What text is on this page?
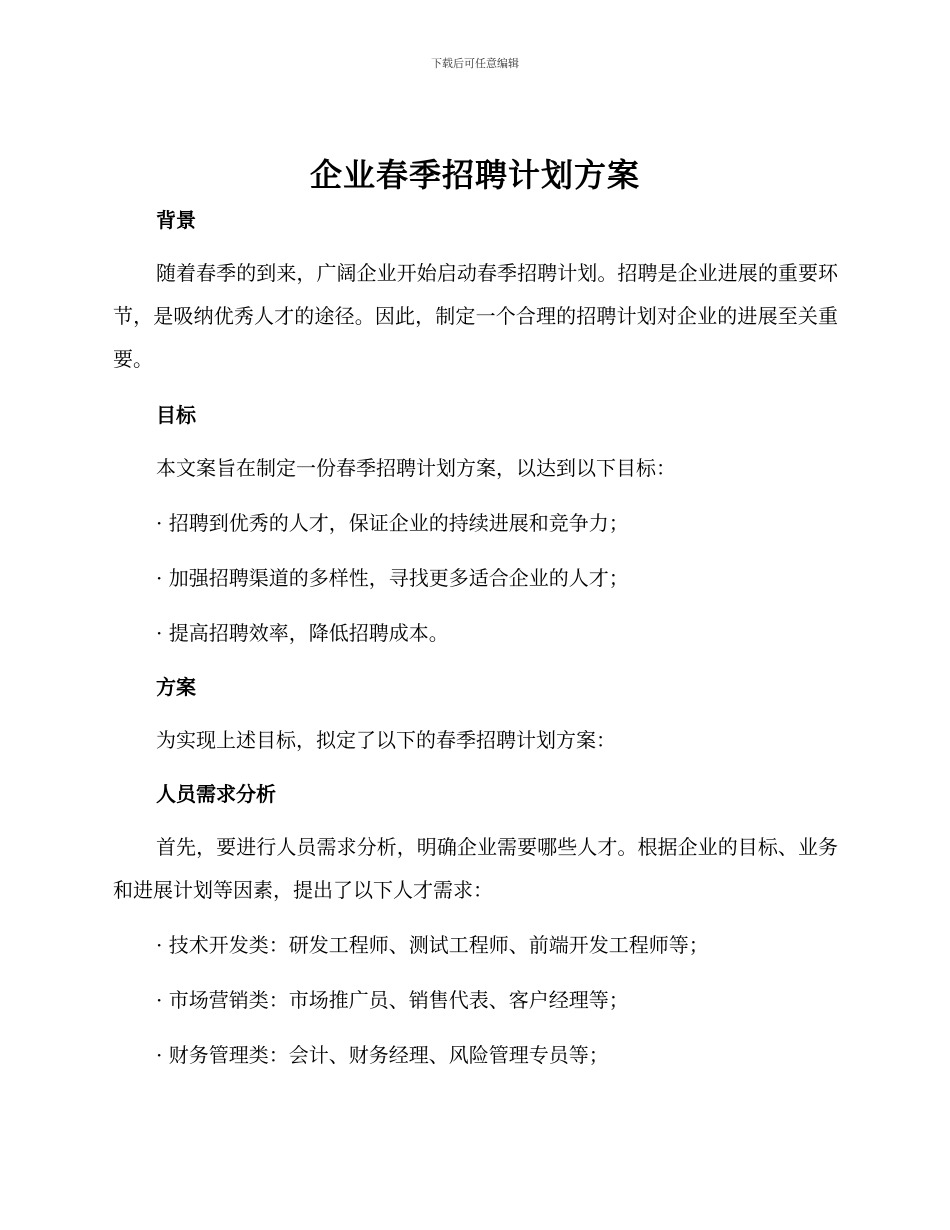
下载后可任意编辑
企业春季招聘计划方案

背景

随着春季的到来，广阔企业开始启动春季招聘计划。招聘是企业进展的重要环节，是吸纳优秀人才的途径。因此，制定一个合理的招聘计划对企业的进展至关重要。

目标

本文案旨在制定一份春季招聘计划方案，以达到以下目标：

· 招聘到优秀的人才，保证企业的持续进展和竞争力；

· 加强招聘渠道的多样性，寻找更多适合企业的人才；

· 提高招聘效率，降低招聘成本。

方案

为实现上述目标，拟定了以下的春季招聘计划方案：

人员需求分析

首先，要进行人员需求分析，明确企业需要哪些人才。根据企业的目标、业务和进展计划等因素，提出了以下人才需求：

· 技术开发类：研发工程师、测试工程师、前端开发工程师等；

· 市场营销类：市场推广员、销售代表、客户经理等；

· 财务管理类：会计、财务经理、风险管理专员等；
